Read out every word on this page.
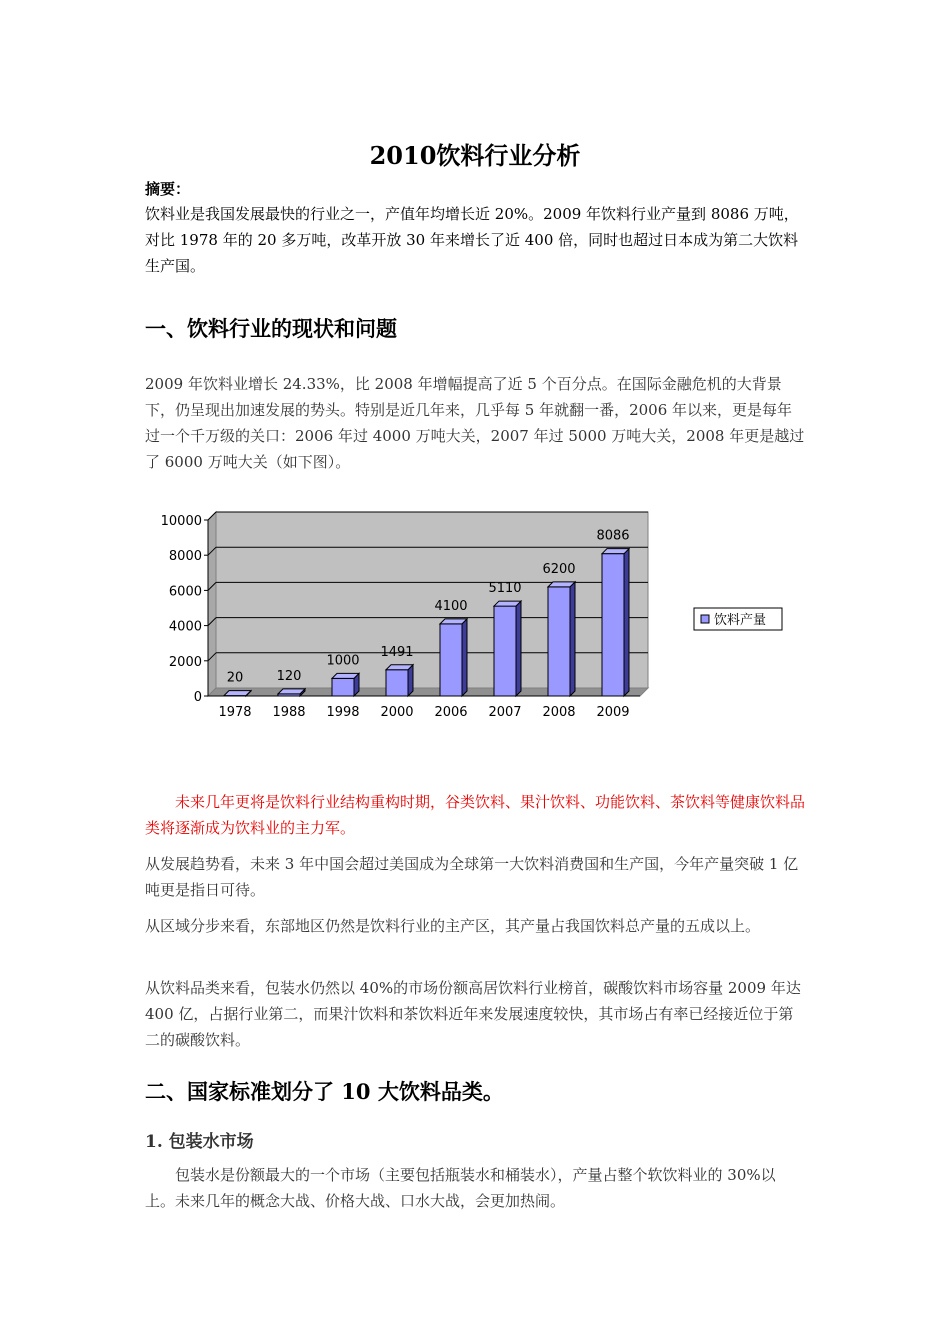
2010饮料行业分析
摘要：

饮料业是我国发展最快的行业之一，产值年均增长近 20%。2009 年饮料行业产量到 8086 万吨，对比 1978 年的 20 多万吨，改革开放 30 年来增长了近 400 倍，同时也超过日本成为第二大饮料生产国。

一、饮料行业的现状和问题

2009 年饮料业增长 24.33%，比 2008 年增幅提高了近 5 个百分点。在国际金融危机的大背景下，仍呈现出加速发展的势头。特别是近几年来，几乎每 5 年就翻一番，2006 年以来，更是每年过一个千万级的关口：2006 年过 4000 万吨大关，2007 年过 5000 万吨大关，2008 年更是越过了 6000 万吨大关（如下图）。

0
2000
4000
6000
8000
10000
20
1978
120
1988
1000
1998
1491
2000
4100
2006
5110
2007
6200
2008
8086
2009
饮料产量

未来几年更将是饮料行业结构重构时期，谷类饮料、果汁饮料、功能饮料、茶饮料等健康饮料品类将逐渐成为饮料业的主力军。

从发展趋势看，未来 3 年中国会超过美国成为全球第一大饮料消费国和生产国，今年产量突破 1 亿吨更是指日可待。

从区域分步来看，东部地区仍然是饮料行业的主产区，其产量占我国饮料总产量的五成以上。

从饮料品类来看，包装水仍然以 40%的市场份额高居饮料行业榜首，碳酸饮料市场容量 2009 年达 400 亿，占据行业第二，而果汁饮料和茶饮料近年来发展速度较快，其市场占有率已经接近位于第二的碳酸饮料。

二、国家标准划分了 10 大饮料品类。
1. 包装水市场

包装水是份额最大的一个市场（主要包括瓶装水和桶装水），产量占整个软饮料业的 30%以上。未来几年的概念大战、价格大战、口水大战，会更加热闹。
